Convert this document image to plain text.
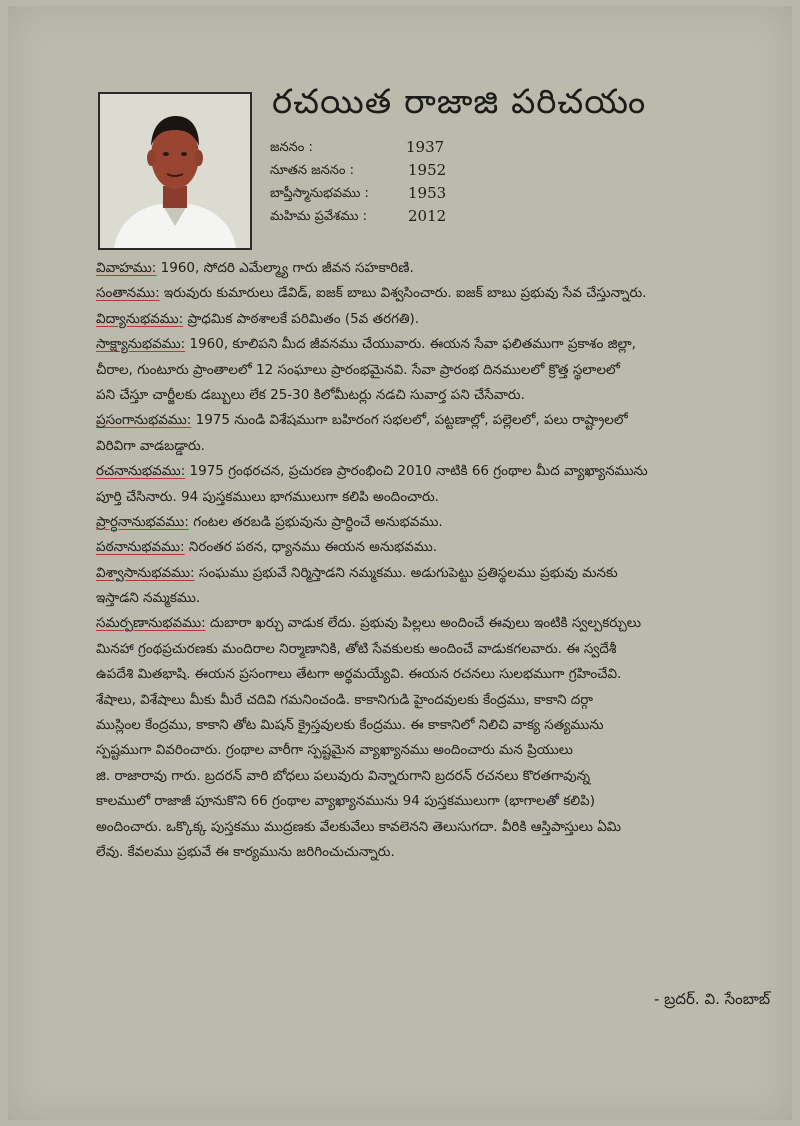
రచయిత రాజాజి పరిచయం
జననం :	1937
నూతన జననం :	1952
బాప్తీస్మానుభవము :	1953
మహిమ ప్రవేశము :	2012
వివాహము: 1960, సోదరి ఎమేల్మ్యా గారు జీవన సహకారిణి.
సంతానము: ఇరువురు కుమారులు డేవిడ్, ఐజక్ బాబు విశ్వసించారు. ఐజక్ బాబు ప్రభువు సేవ చేస్తున్నారు.
విద్యానుభవము: ప్రాధమిక పాఠశాలకే పరిమితం (5వ తరగతి).
సాక్ష్యానుభవము: 1960, కూలిపని మీద జీవనము చేయువారు. ఈయన సేవా ఫలితముగా ప్రకాశం జిల్లా,
చీరాల, గుంటూరు ప్రాంతాలలో 12 సంఘాలు ప్రారంభమైనవి. సేవా ప్రారంభ దినములలో క్రొత్త స్థలాలలో
పని చేస్తూ చార్జీలకు డబ్బులు లేక 25-30 కిలోమీటర్లు నడచి సువార్త పని చేసేవారు.
ప్రసంగానుభవము: 1975 నుండి విశేషముగా బహిరంగ సభలలో, పట్టణాల్లో, పల్లెలలో, పలు రాష్ట్రాలలో
విరివిగా వాడబడ్డారు.
రచనానుభవము: 1975 గ్రంథరచన, ప్రచురణ ప్రారంభించి 2010 నాటికి 66 గ్రంథాల మీద వ్యాఖ్యానమును
పూర్తి చేసినారు. 94 పుస్తకములు భాగములుగా కలిపి అందించారు.
ప్రార్ధనానుభవము: గంటల తరబడి ప్రభువును ప్రార్ధించే అనుభవము.
పఠనానుభవము: నిరంతర పఠన, ధ్యానము ఈయన అనుభవము.
విశ్వాసానుభవము: సంఘము ప్రభువే నిర్మిస్తాడని నమ్మకము. అడుగుపెట్టు ప్రతిస్థలము ప్రభువు మనకు
ఇస్తాడని నమ్మకము.
సమర్పణానుభవము: దుబారా ఖర్చు వాడుక లేదు. ప్రభువు పిల్లలు అందించే ఈవులు ఇంటికి స్వల్పకర్చులు
మినహా గ్రంథప్రచురణకు మందిరాల నిర్మాణానికి, తోటి సేవకులకు అందించే వాడుకగలవారు. ఈ స్వదేశీ
ఉపదేశి మితభాషి. ఈయన ప్రసంగాలు తేటగా అర్థమయ్యేవి. ఈయన రచనలు సులభముగా గ్రహించేవి.
శేషాలు, విశేషాలు మీకు మీరే చదివి గమనించండి. కాకానిగుడి హైందవులకు కేంద్రము, కాకాని దర్గా
ముస్లింల కేంద్రము, కాకాని తోట మిషన్ క్రైస్తవులకు కేంద్రము. ఈ కాకానిలో నిలిచి వాక్య సత్యమును
స్పష్టముగా వివరించారు. గ్రంథాల వారీగా స్పష్టమైన వ్యాఖ్యానము అందించారు మన ప్రియులు
జి. రాజారావు గారు. బ్రదరన్ వారి బోధలు పలువురు విన్నారుగాని బ్రదరన్ రచనలు కొరతగావున్న
కాలములో రాజాజీ పూనుకొని 66 గ్రంథాల వ్యాఖ్యానమును 94 పుస్తకములుగా (భాగాలతో కలిపి)
అందించారు. ఒక్కొక్క పుస్తకము ముద్రణకు వేలకువేలు కావలెనని తెలుసుగదా. వీరికి ఆస్తిపాస్తులు ఏమి
లేవు. కేవలము ప్రభువే ఈ కార్యమును జరిగించుచున్నారు.
- బ్రదర్. వి. సేంబాబ్
